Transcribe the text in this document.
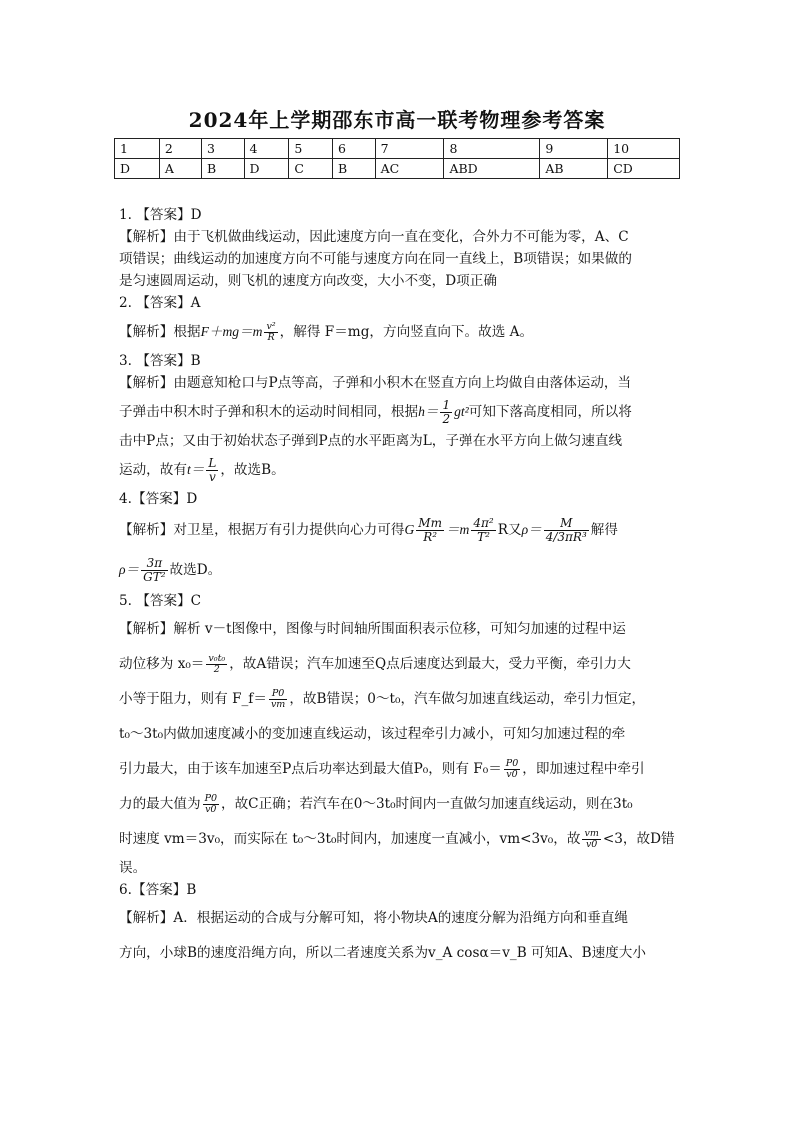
2024年上学期邵东市高一联考物理参考答案
1	2	3	4	5	6	7	8	9	10
D	A	B	D	C	B	AC	ABD	AB	CD

1. 【答案】D

【解析】由于飞机做曲线运动，因此速度方向一直在变化，合外力不可能为零，A、C

项错误；曲线运动的加速度方向不可能与速度方向在同一直线上，B项错误；如果做的

是匀速圆周运动，则飞机的速度方向改变，大小不变，D项正确

2. 【答案】A

【解析】根据$F+mg=m \frac{\text{v²}}{R}$ ，解得 F＝mg，方向竖直向下。故选 A。

3. 【答案】B

【解析】由题意知枪口与P点等高，子弹和小积木在竖直方向上均做自由落体运动，当

子弹击中积木时子弹和积木的运动时间相同，根据$h= \frac{1}{2} gt^2$可知下落高度相同，所以将

击中P点；又由于初始状态子弹到P点的水平距离为L，子弹在水平方向上做匀速直线

运动，故有$t= \frac{L}{v}$ ，故选B。

4.【答案】D

【解析】对卫星，根据万有引力提供向心力可得G $\frac{Mm}{\text{R²}} =m \frac{\text{4π²}}{\text{T²}}$ R又$\rho= \frac{M}{\text{4/3πR³}}$ 解得

$\rho= \frac{3\pi}{\text{GT²}}$ 故选D。

5. 【答案】C

【解析】解析 v－t图像中，图像与时间轴所围面积表示位移，可知匀加速的过程中运

动位移为 $x_0= \frac{\text{v₀t₀}}{2}$ ，故A错误；汽车加速至Q点后速度达到最大，受力平衡，牵引力大

小等于阻力，则有 F_f＝ $\frac{P0}{vm}$ ，故B错误；0～t₀，汽车做匀加速直线运动，牵引力恒定，

t₀～3t₀内做加速度减小的变加速直线运动，该过程牵引力减小，可知匀加速过程的牵

引力最大，由于该车加速至P点后功率达到最大值P₀，则有 $F_0= \frac{P0}{v0}$ ，即加速过程中牵引

力的最大值为 $\frac{P0}{v0}$ ，故C正确；若汽车在0～3t₀时间内一直做匀加速直线运动，则在3t₀

时速度 vm＝3v₀，而实际在 t₀～3t₀时间内，加速度一直减小，vm<3v₀，故 $\frac{vm}{v0} <3$，故D错

误。

6.【答案】B

【解析】A．根据运动的合成与分解可知，将小物块A的速度分解为沿绳方向和垂直绳

方向，小球B的速度沿绳方向，所以二者速度关系为v_A cosα＝v_B 可知A、B速度大小
